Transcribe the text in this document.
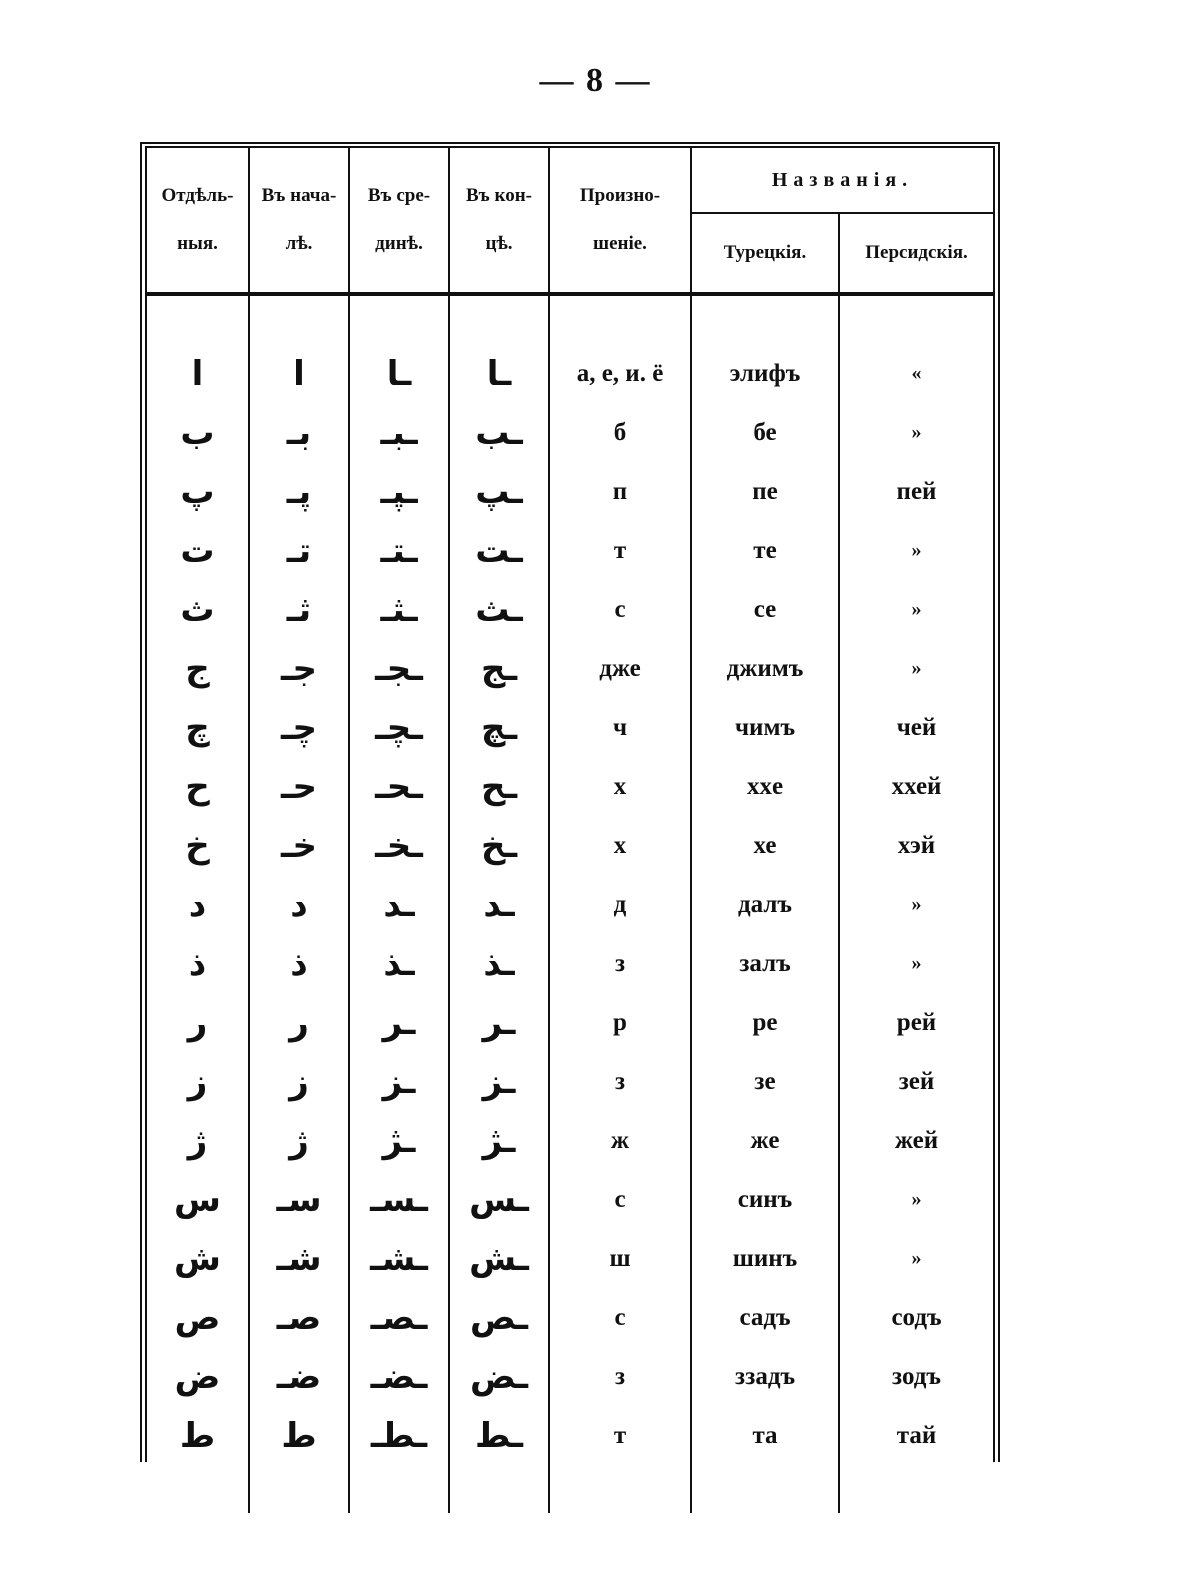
— 8 —
Отдѣль- ныя.	Въ нача- лѣ.	Въ сре- динѣ.	Въ кон- цѣ.	Произно- шеніе.	Названія.	
					Турецкія.	Персидскія.
ا	ا	ـا	ـا	а, е, и. ё	элифъ	«
ب	بـ	ـبـ	ـب	б	бе	»
پ	پـ	ـپـ	ـپ	п	пе	пей
ت	تـ	ـتـ	ـت	т	те	»
ث	ثـ	ـثـ	ـث	с	се	»
ج	جـ	ـجـ	ـج	дже	джимъ	»
چ	چـ	ـچـ	ـچ	ч	чимъ	чей
ح	حـ	ـحـ	ـح	х	хxе	ххей
خ	خـ	ـخـ	ـخ	х	хе	хэй
د	د	ـد	ـد	д	далъ	»
ذ	ذ	ـذ	ـذ	з	залъ	»
ر	ر	ـر	ـر	р	ре	рей
ز	ز	ـز	ـز	з	зе	зей
ژ	ژ	ـژ	ـژ	ж	же	жей
س	سـ	ـسـ	ـس	с	синъ	»
ش	شـ	ـشـ	ـش	ш	шинъ	»
ص	صـ	ـصـ	ـص	с	садъ	содъ
ض	ضـ	ـضـ	ـض	з	ззадъ	зодъ
ط	ط	ـطـ	ـط	т	та	тай
